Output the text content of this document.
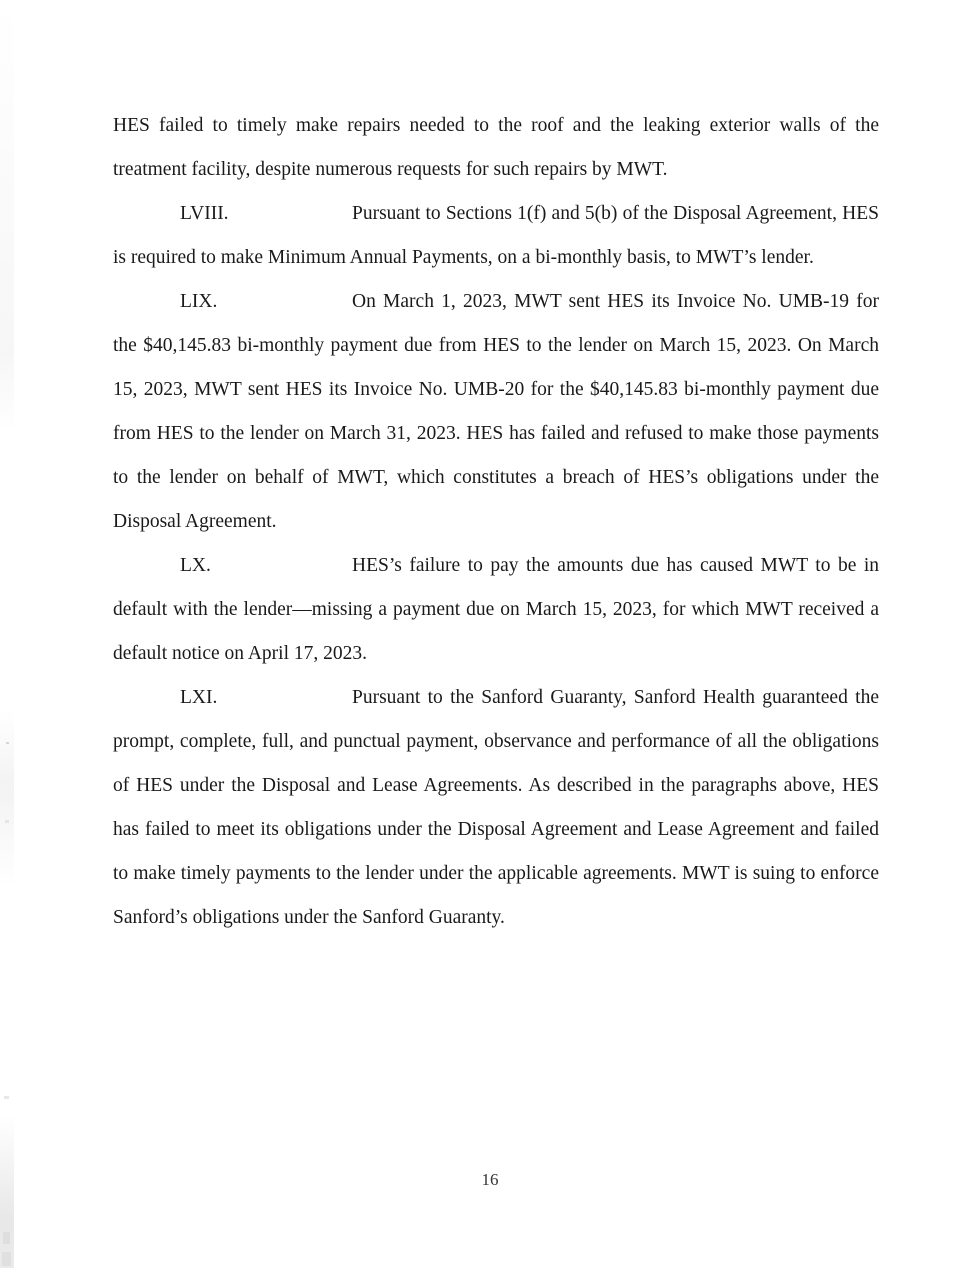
HES failed to timely make repairs needed to the roof and the leaking exterior walls of the treatment facility, despite numerous requests for such repairs by MWT.

LVIII.	Pursuant to Sections 1(f) and 5(b) of the Disposal Agreement, HES is required to make Minimum Annual Payments, on a bi-monthly basis, to MWT’s lender.

LIX.	On March 1, 2023, MWT sent HES its Invoice No. UMB-19 for the $40,145.83 bi-monthly payment due from HES to the lender on March 15, 2023. On March 15, 2023, MWT sent HES its Invoice No. UMB-20 for the $40,145.83 bi-monthly payment due from HES to the lender on March 31, 2023. HES has failed and refused to make those payments to the lender on behalf of MWT, which constitutes a breach of HES’s obligations under the Disposal Agreement.

LX.	HES’s failure to pay the amounts due has caused MWT to be in default with the lender—missing a payment due on March 15, 2023, for which MWT received a default notice on April 17, 2023.

LXI.	Pursuant to the Sanford Guaranty, Sanford Health guaranteed the prompt, complete, full, and punctual payment, observance and performance of all the obligations of HES under the Disposal and Lease Agreements. As described in the paragraphs above, HES has failed to meet its obligations under the Disposal Agreement and Lease Agreement and failed to make timely payments to the lender under the applicable agreements. MWT is suing to enforce Sanford’s obligations under the Sanford Guaranty.

16
